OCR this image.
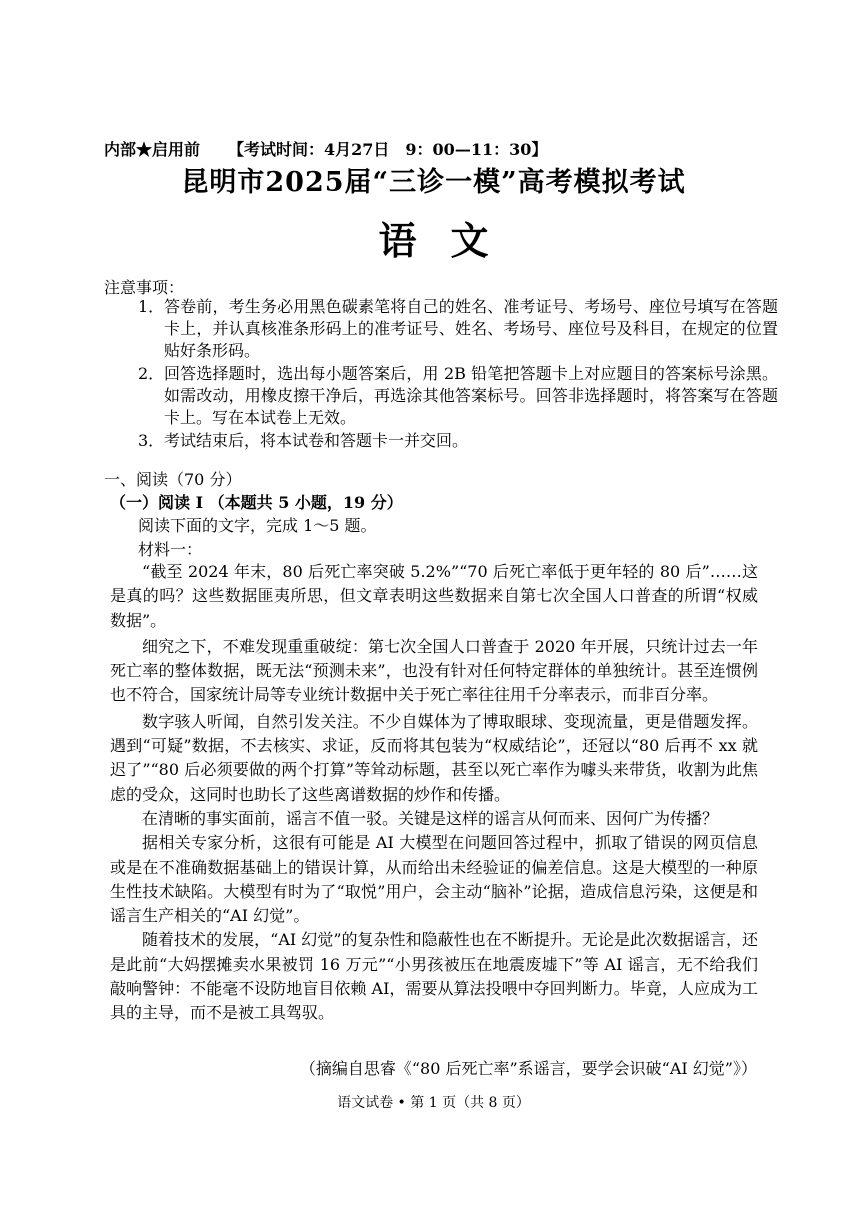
内部★启用前 【考试时间：4月27日　9：00—11：30】
昆明市2025届“三诊一模”高考模拟考试
语文
注意事项：
1． 答卷前，考生务必用黑色碳素笔将自己的姓名、准考证号、考场号、座位号填写在答题卡上，并认真核准条形码上的准考证号、姓名、考场号、座位号及科目，在规定的位置贴好条形码。
2． 回答选择题时，选出每小题答案后，用 2B 铅笔把答题卡上对应题目的答案标号涂黑。如需改动，用橡皮擦干净后，再选涂其他答案标号。回答非选择题时，将答案写在答题卡上。写在本试卷上无效。
3． 考试结束后，将本试卷和答题卡一并交回。
一、阅读（70 分）
（一）阅读 I （本题共 5 小题，19 分）
阅读下面的文字，完成 1～5 题。
材料一：

“截至 2024 年末，80 后死亡率突破 5.2%”“70 后死亡率低于更年轻的 80 后”……这是真的吗？这些数据匪夷所思，但文章表明这些数据来自第七次全国人口普查的所谓“权威数据”。

细究之下，不难发现重重破绽：第七次全国人口普查于 2020 年开展，只统计过去一年死亡率的整体数据，既无法“预测未来”，也没有针对任何特定群体的单独统计。甚至连惯例也不符合，国家统计局等专业统计数据中关于死亡率往往用千分率表示，而非百分率。

数字骇人听闻，自然引发关注。不少自媒体为了博取眼球、变现流量，更是借题发挥。遇到“可疑”数据，不去核实、求证，反而将其包装为“权威结论”，还冠以“80 后再不 xx 就迟了”“80 后必须要做的两个打算”等耸动标题，甚至以死亡率作为噱头来带货，收割为此焦虑的受众，这同时也助长了这些离谱数据的炒作和传播。

在清晰的事实面前，谣言不值一驳。关键是这样的谣言从何而来、因何广为传播？

据相关专家分析，这很有可能是 AI 大模型在问题回答过程中，抓取了错误的网页信息或是在不准确数据基础上的错误计算，从而给出未经验证的偏差信息。这是大模型的一种原生性技术缺陷。大模型有时为了“取悦”用户，会主动“脑补”论据，造成信息污染，这便是和谣言生产相关的“AI 幻觉”。

随着技术的发展，“AI 幻觉”的复杂性和隐蔽性也在不断提升。无论是此次数据谣言，还是此前“大妈摆摊卖水果被罚 16 万元”“小男孩被压在地震废墟下”等 AI 谣言，无不给我们敲响警钟：不能毫不设防地盲目依赖 AI，需要从算法投喂中夺回判断力。毕竟，人应成为工具的主导，而不是被工具驾驭。

（摘编自思睿《“80 后死亡率”系谣言，要学会识破“AI 幻觉”》）
语文试卷 • 第 1 页（共 8 页）
